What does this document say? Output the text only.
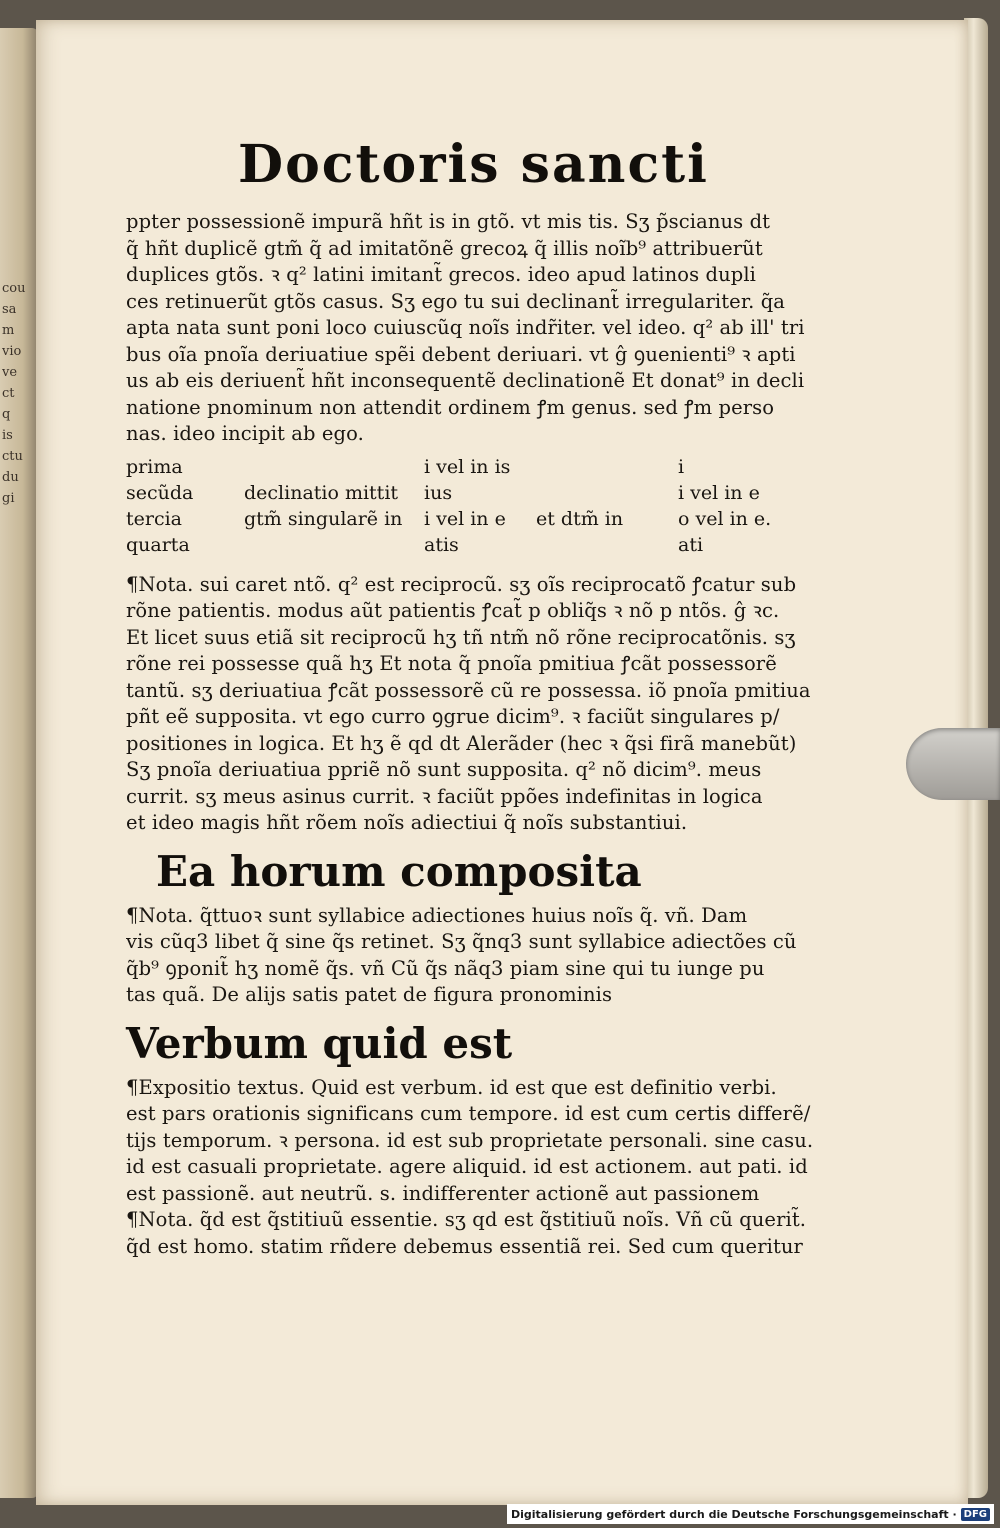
cou
sa
m
vio
ve
ct
q
is
ctu
du
gi
Doctoris sancti
ppter possessionẽ impurã hñt is in gtõ. vt mis tis. Sʒ p̃scianus dt
q̃ hñt duplicẽ gtm̃ q̃ ad imitatõnẽ grecoꝝ q̃ illis noĩb⁹ attribuerũt
duplices gtõs. ꝛ q² latini imitant̃ grecos. ideo apud latinos dupli
ces retinuerũt gtõs casus. Sʒ ego tu sui declinant̃ irregulariter. q̃a
apta nata sunt poni loco cuiuscũq noĩs indr̃iter. vel ideo. q² ab ill' tri
bus oĩa pnoĩa deriuatiue spẽi debent deriuari. vt ĝ ꝯuenienti⁹ ꝛ apti
us ab eis deriuent̃ hñt inconsequentẽ declinationẽ Et donat⁹ in decli
natione pnominum non attendit ordinem ꝭm genus. sed ꝭm perso
nas. ideo incipit ab ego.
prima
secũda
tercia
quarta
declinatio mittit
gtm̃ singularẽ in
i vel in is
ius
i vel in e
atis
et dtm̃ in
i
i vel in e
o vel in e.
ati
¶Nota. sui caret ntõ. q² est reciprocũ. sʒ oĩs reciprocatõ ꝭcatur sub
rõne patientis. modus aũt patientis ꝭcat̃ p obliq̃s ꝛ nõ p ntõs. ĝ ꝛc.
Et licet suus etiã sit reciprocũ hʒ tñ ntm̃ nõ rõne reciprocatõnis. sʒ
rõne rei possesse quã hʒ Et nota q̃ pnoĩa pmitiua ꝭcãt possessorẽ
tantũ. sʒ deriuatiua ꝭcãt possessorẽ cũ re possessa. iõ pnoĩa pmitiua
pñt eẽ supposita. vt ego curro ꝯgrue dicim⁹. ꝛ faciũt singulares p/
positiones in logica. Et hʒ ẽ qd dt Alerãder (hec ꝛ q̃si firã manebũt)
Sʒ pnoĩa deriuatiua ppriẽ nõ sunt supposita. q² nõ dicim⁹. meus
currit. sʒ meus asinus currit. ꝛ faciũt ppões indefinitas in logica
et ideo magis hñt rõem noĩs adiectiui q̃ noĩs substantiui.
Ea horum composita
¶Nota. q̃ttuoꝛ sunt syllabice adiectiones huius noĩs q̃. vñ. Dam
vis cũq3 libet q̃ sine q̃s retinet. Sʒ q̃nq3 sunt syllabice adiectões cũ
q̃b⁹ ꝯponit̃ hʒ nomẽ q̃s. vñ Cũ q̃s nãq3 piam sine qui tu iunge pu
tas quã. De alijs satis patet de figura pronominis
Verbum quid est
¶Expositio textus. Quid est verbum. id est que est definitio verbi.
est pars orationis significans cum tempore. id est cum certis differẽ/
tijs temporum. ꝛ persona. id est sub proprietate personali. sine casu.
id est casuali proprietate. agere aliquid. id est actionem. aut pati. id
est passionẽ. aut neutrũ. s. indifferenter actionẽ aut passionem
¶Nota. q̃d est q̃stitiuũ essentie. sʒ qd est q̃stitiuũ noĩs. Vñ cũ querit̃.
q̃d est homo. statim rñdere debemus essentiã rei. Sed cum queritur
Digitalisierung gefördert durch die Deutsche Forschungsgemeinschaft · DFG
